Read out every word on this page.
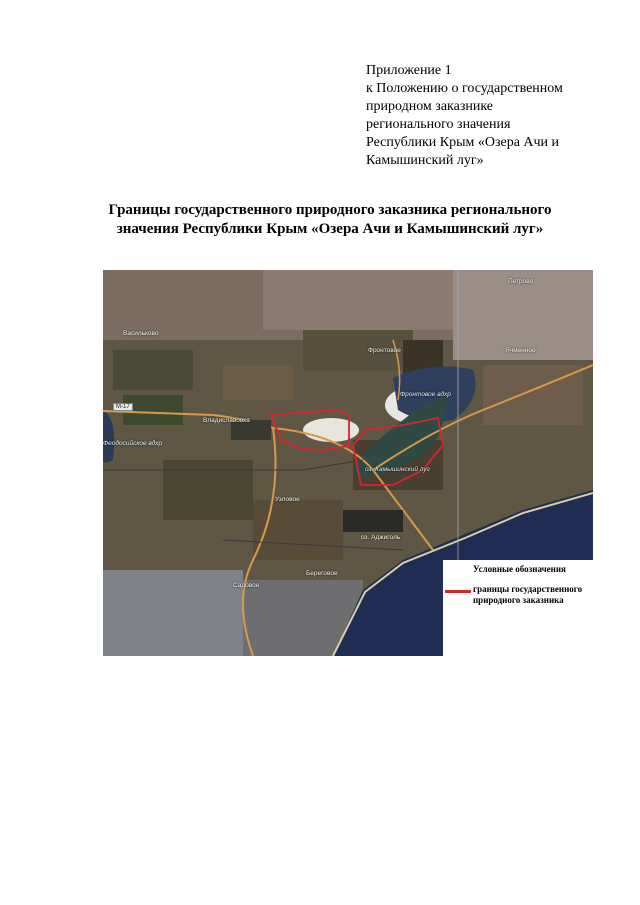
Приложение 1
к Положению о государственном
природном заказнике
регионального значения
Республики Крым «Озера Ачи и
Камышинский луг»
Границы государственного природного заказника регионального
значения Республики Крым «Озера Ачи и Камышинский луг»
Васильково
Петрово
Фронтовое	Ячменное
Владиславовка
Узловое
Береговое
Садовое
Фронтовое вдхр
Феодосийское вдхр
оз. Камышинский луг
оз. Аджиголь
М-17
Условные обозначения
границы государственного природного заказника
